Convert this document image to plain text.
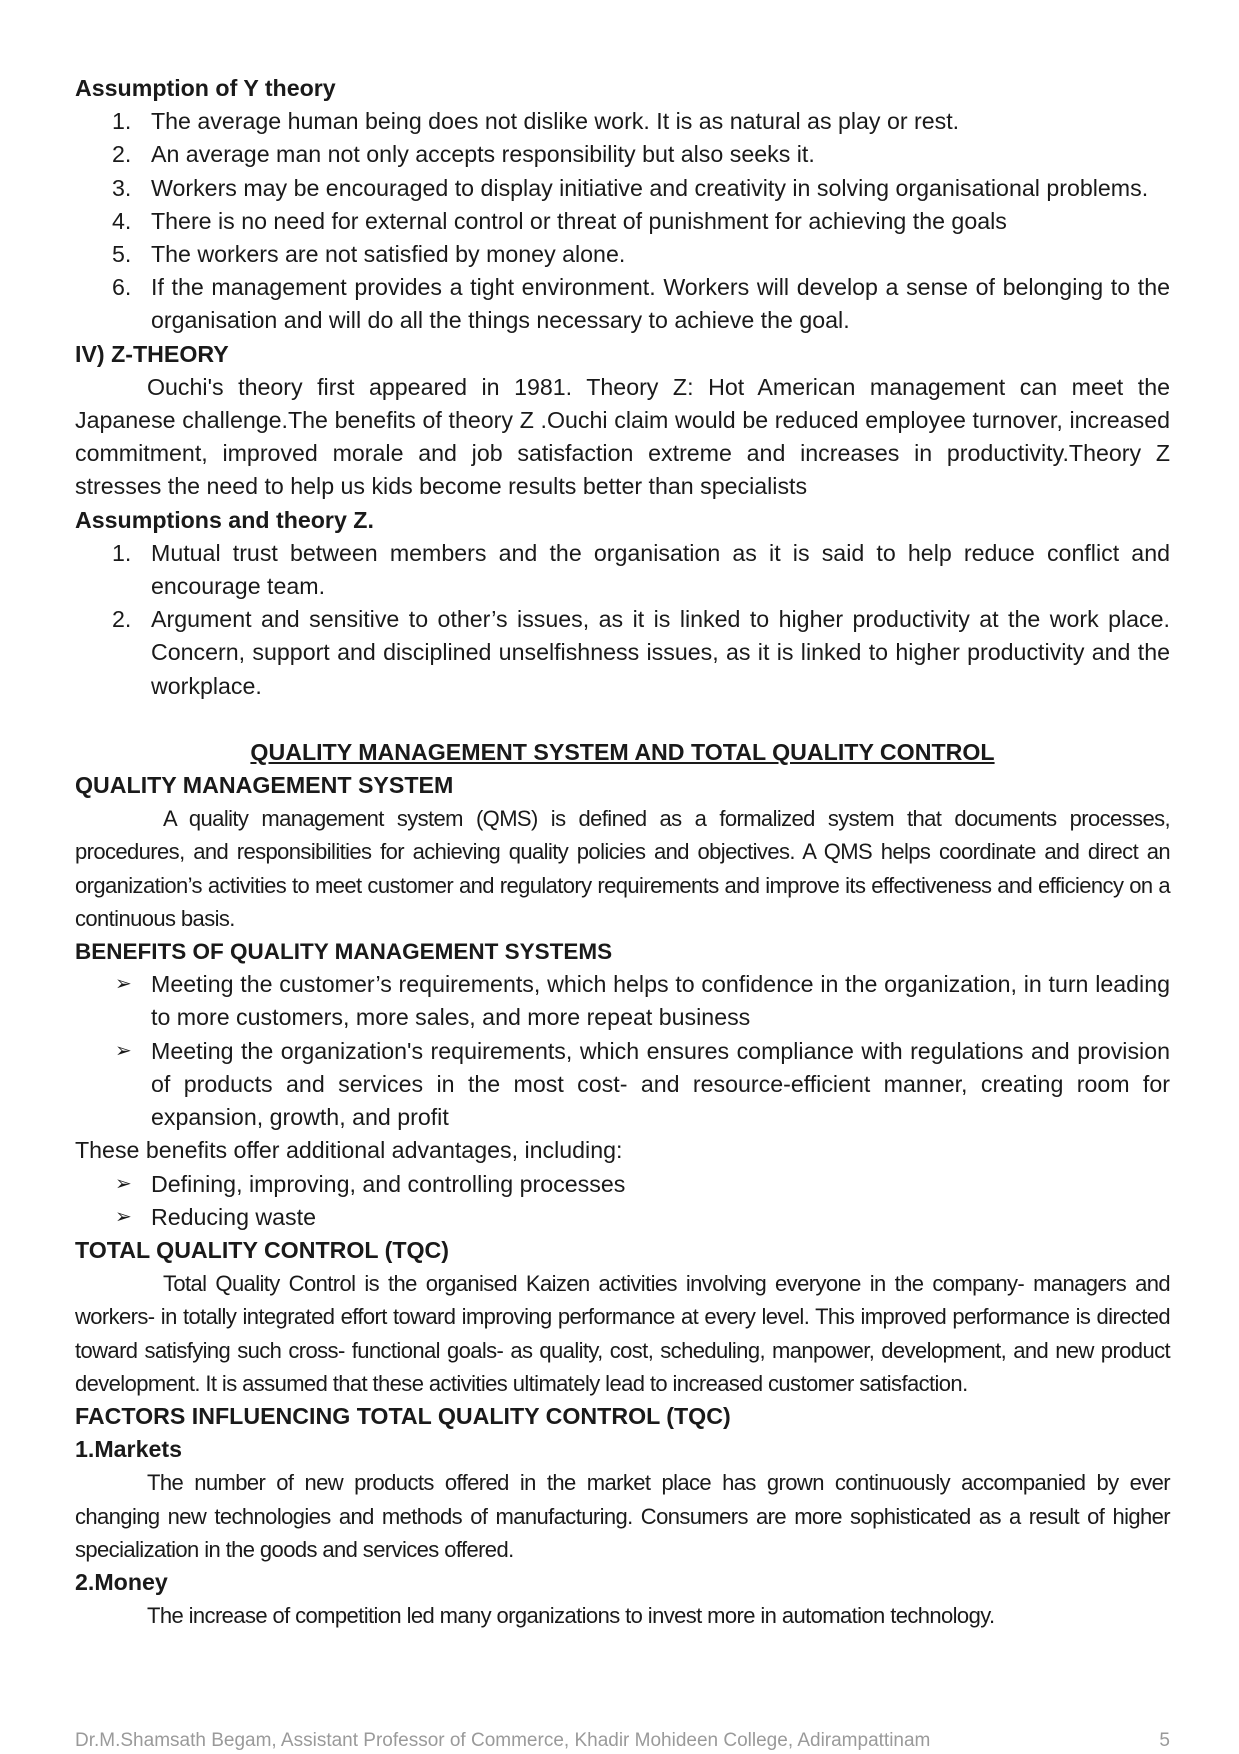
Assumption of Y theory

1. The average human being does not dislike work. It is as natural as play or rest.
2. An average man not only accepts responsibility but also seeks it.
3. Workers may be encouraged to display initiative and creativity in solving organisational problems.
4. There is no need for external control or threat of punishment for achieving the goals
5. The workers are not satisfied by money alone.
6. If the management provides a tight environment. Workers will develop a sense of belonging to the organisation and will do all the things necessary to achieve the goal.

IV) Z-THEORY

Ouchi's theory first appeared in 1981. Theory Z: Hot American management can meet the Japanese challenge.The benefits of theory Z .Ouchi claim would be reduced employee turnover, increased commitment, improved morale and job satisfaction extreme and increases in productivity.Theory Z stresses the need to help us kids become results better than specialists

Assumptions and theory Z.

1. Mutual trust between members and the organisation as it is said to help reduce conflict and encourage team.
2. Argument and sensitive to other’s issues, as it is linked to higher productivity at the work place. Concern, support and disciplined unselfishness issues, as it is linked to higher productivity and the workplace.

QUALITY MANAGEMENT SYSTEM AND TOTAL QUALITY CONTROL

QUALITY MANAGEMENT SYSTEM

A quality management system (QMS) is defined as a formalized system that documents processes, procedures, and responsibilities for achieving quality policies and objectives. A QMS helps coordinate and direct an organization’s activities to meet customer and regulatory requirements and improve its effectiveness and efficiency on a continuous basis.

BENEFITS OF QUALITY MANAGEMENT SYSTEMS

➢ Meeting the customer’s requirements, which helps to confidence in the organization, in turn leading to more customers, more sales, and more repeat business
➢ Meeting the organization's requirements, which ensures compliance with regulations and provision of products and services in the most cost- and resource-efficient manner, creating room for expansion, growth, and profit

These benefits offer additional advantages, including:

➢ Defining, improving, and controlling processes
➢ Reducing waste

TOTAL QUALITY CONTROL (TQC)

Total Quality Control is the organised Kaizen activities involving everyone in the company- managers and workers- in totally integrated effort toward improving performance at every level. This improved performance is directed toward satisfying such cross- functional goals- as quality, cost, scheduling, manpower, development, and new product development. It is assumed that these activities ultimately lead to increased customer satisfaction.

FACTORS INFLUENCING TOTAL QUALITY CONTROL (TQC)

1.Markets

The number of new products offered in the market place has grown continuously accompanied by ever changing new technologies and methods of manufacturing. Consumers are more sophisticated as a result of higher specialization in the goods and services offered.

2.Money

The increase of competition led many organizations to invest more in automation technology.

Dr.M.Shamsath Begam, Assistant Professor of Commerce, Khadir Mohideen College, Adirampattinam	5
